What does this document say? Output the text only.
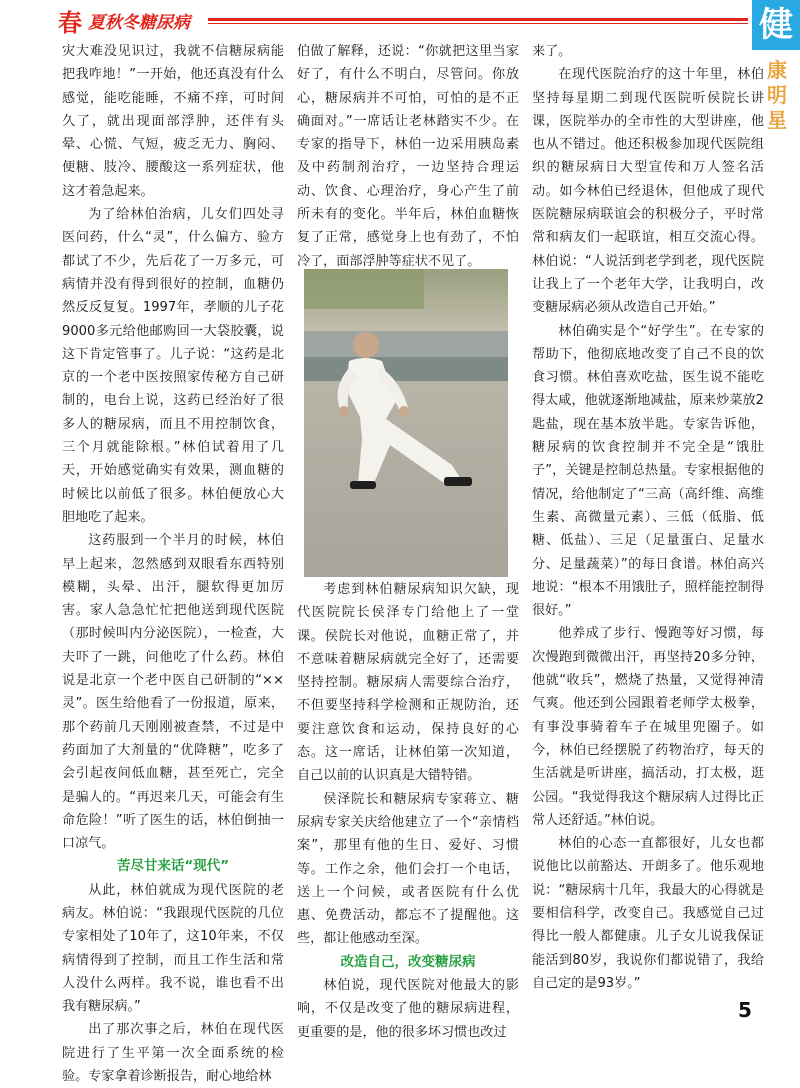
春 夏秋冬糖尿病	健
康
明
星

灾大难没见识过，我就不信糖尿病能把我咋地！”一开始，他还真没有什么感觉，能吃能睡，不痛不痒，可时间久了，就出现面部浮肿，还伴有头晕、心慌、气短，疲乏无力、胸闷、便糖、肢冷、腰酸这一系列症状，他这才着急起来。

为了给林伯治病，儿女们四处寻医问药，什么“灵”，什么偏方、验方都试了不少，先后花了一万多元，可病情并没有得到很好的控制，血糖仍然反反复复。1997年，孝顺的儿子花9000多元给他邮购回一大袋胶囊，说这下肯定管事了。儿子说：“这药是北京的一个老中医按照家传秘方自己研制的，电台上说，这药已经治好了很多人的糖尿病，而且不用控制饮食，三个月就能除根。”林伯试着用了几天，开始感觉确实有效果，测血糖的时候比以前低了很多。林伯便放心大胆地吃了起来。

这药服到一个半月的时候，林伯早上起来，忽然感到双眼看东西特别模糊，头晕、出汗，腿软得更加厉害。家人急急忙忙把他送到现代医院（那时候叫内分泌医院），一检查，大夫吓了一跳，问他吃了什么药。林伯说是北京一个老中医自己研制的“××灵”。医生给他看了一份报道，原来，那个药前几天刚刚被查禁，不过是中药面加了大剂量的“优降糖”，吃多了会引起夜间低血糖，甚至死亡，完全是骗人的。“再迟来几天，可能会有生命危险！”听了医生的话，林伯倒抽一口凉气。

苦尽甘来话“现代”

从此，林伯就成为现代医院的老病友。林伯说：“我跟现代医院的几位专家相处了10年了，这10年来，不仅病情得到了控制，而且工作生活和常人没什么两样。我不说，谁也看不出我有糖尿病。”

出了那次事之后，林伯在现代医院进行了生平第一次全面系统的检验。专家拿着诊断报告，耐心地给林

伯做了解释，还说：“你就把这里当家好了，有什么不明白，尽管问。你放心，糖尿病并不可怕，可怕的是不正确面对。”一席话让老林踏实不少。在专家的指导下，林伯一边采用胰岛素及中药制剂治疗，一边坚持合理运动、饮食、心理治疗，身心产生了前所未有的变化。半年后，林伯血糖恢复了正常，感觉身上也有劲了，不怕冷了，面部浮肿等症状不见了。

考虑到林伯糖尿病知识欠缺，现代医院院长侯泽专门给他上了一堂课。侯院长对他说，血糖正常了，并不意味着糖尿病就完全好了，还需要坚持控制。糖尿病人需要综合治疗，不但要坚持科学检测和正规防治，还要注意饮食和运动，保持良好的心态。这一席话，让林伯第一次知道，自己以前的认识真是大错特错。

侯泽院长和糖尿病专家蒋立、糖尿病专家关庆给他建立了一个“亲情档案”，那里有他的生日、爱好、习惯等。工作之余，他们会打一个电话，送上一个问候，或者医院有什么优惠、免费活动，都忘不了提醒他。这些，都让他感动至深。

改造自己，改变糖尿病

林伯说，现代医院对他最大的影响，不仅是改变了他的糖尿病进程，更重要的是，他的很多坏习惯也改过

来了。

在现代医院治疗的这十年里，林伯坚持每星期二到现代医院听侯院长讲课，医院举办的全市性的大型讲座，他也从不错过。他还积极参加现代医院组织的糖尿病日大型宣传和万人签名活动。如今林伯已经退休，但他成了现代医院糖尿病联谊会的积极分子，平时常常和病友们一起联谊，相互交流心得。林伯说：“人说活到老学到老，现代医院让我上了一个老年大学，让我明白，改变糖尿病必须从改造自己开始。”

林伯确实是个“好学生”。在专家的帮助下，他彻底地改变了自己不良的饮食习惯。林伯喜欢吃盐，医生说不能吃得太咸，他就逐渐地减盐，原来炒菜放2匙盐，现在基本放半匙。专家告诉他，糖尿病的饮食控制并不完全是“饿肚子”，关键是控制总热量。专家根据他的情况，给他制定了“三高（高纤维、高维生素、高微量元素）、三低（低脂、低糖、低盐）、三足（足量蛋白、足量水分、足量蔬菜）”的每日食谱。林伯高兴地说：“根本不用饿肚子，照样能控制得很好。”

他养成了步行、慢跑等好习惯，每次慢跑到微微出汗，再坚持20多分钟，他就“收兵”，燃烧了热量，又觉得神清气爽。他还到公园跟着老师学太极拳，有事没事骑着车子在城里兜圈子。如今，林伯已经摆脱了药物治疗，每天的生活就是听讲座，搞活动，打太极，逛公园。“我觉得我这个糖尿病人过得比正常人还舒适。”林伯说。

林伯的心态一直都很好，儿女也都说他比以前豁达、开朗多了。他乐观地说：“糖尿病十几年，我最大的心得就是要相信科学，改变自己。我感觉自己过得比一般人都健康。儿子女儿说我保证能活到80岁，我说你们都说错了，我给自己定的是93岁。”

5
